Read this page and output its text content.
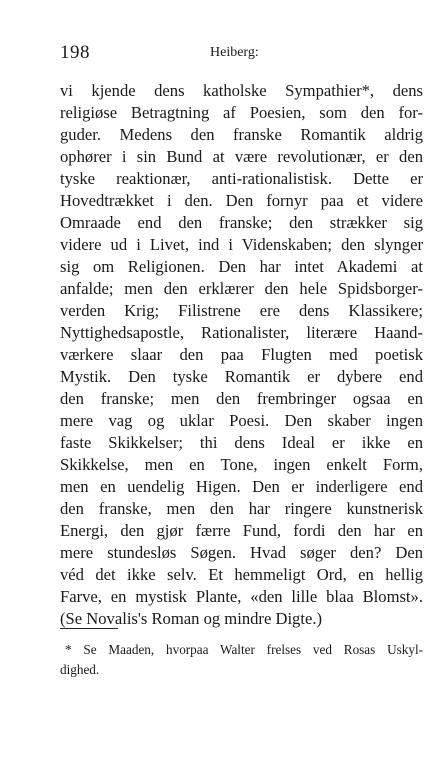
198	Heiberg:
vi kjende dens katholske Sympathier*, dens
religiøse Betragtning af Poesien, som den for-
guder. Medens den franske Romantik aldrig
ophører i sin Bund at være revolutionær, er den
tyske reaktionær, anti-rationalistisk. Dette er
Hovedtrækket i den. Den fornyr paa et videre
Omraade end den franske; den strækker sig
videre ud i Livet, ind i Videnskaben; den slynger
sig om Religionen. Den har intet Akademi at
anfalde; men den erklærer den hele Spidsborger-
verden Krig; Filistrene ere dens Klassikere;
Nyttighedsapostle, Rationalister, literære Haand-
værkere slaar den paa Flugten med poetisk
Mystik. Den tyske Romantik er dybere end
den franske; men den frembringer ogsaa en
mere vag og uklar Poesi. Den skaber ingen
faste Skikkelser; thi dens Ideal er ikke en
Skikkelse, men en Tone, ingen enkelt Form,
men en uendelig Higen. Den er inderligere end
den franske, men den har ringere kunstnerisk
Energi, den gjør færre Fund, fordi den har en
mere stundesløs Søgen. Hvad søger den? Den
véd det ikke selv. Et hemmeligt Ord, en hellig
Farve, en mystisk Plante, «den lille blaa Blomst».
(Se Novalis's Roman og mindre Digte.)
* Se Maaden, hvorpaa Walter frelses ved Rosas Uskyl-
dighed.
